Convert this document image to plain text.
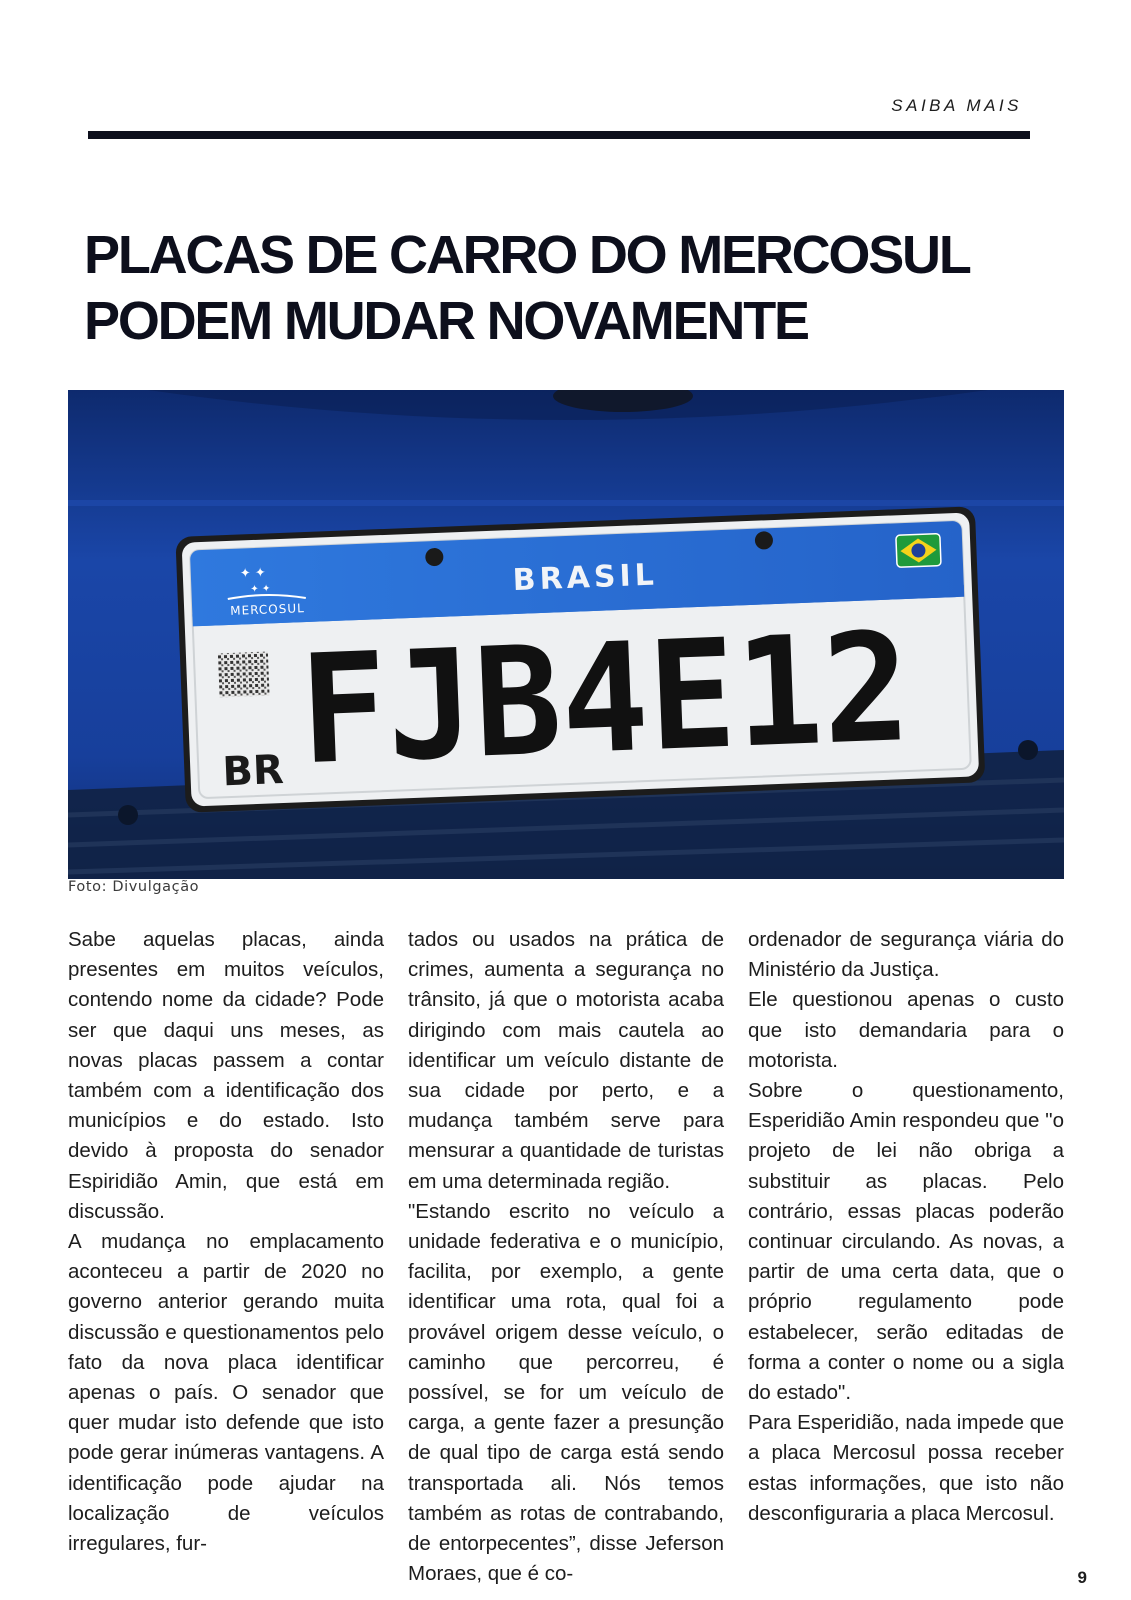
SAIBA MAIS
PLACAS DE CARRO DO MERCOSUL
PODEM MUDAR NOVAMENTE
✦ ✦
✦ ✦
MERCOSUL
BRASIL
FJB4E12
BR
Foto: Divulgação

Sabe aquelas placas, ainda presentes em muitos veículos, contendo nome da cidade? Pode ser que daqui uns meses, as novas placas passem a contar também com a identificação dos municípios e do estado. Isto devido à proposta do senador Espiridião Amin, que está em discussão.

A mudança no emplacamento aconteceu a partir de 2020 no governo anterior gerando muita discussão e questionamentos pelo fato da nova placa identificar apenas o país. O senador que quer mudar isto defende que isto pode gerar inúmeras vantagens. A identificação pode ajudar na localização de veículos irregulares, fur-

tados ou usados na prática de crimes, aumenta a segurança no trânsito, já que o motorista acaba dirigindo com mais cautela ao identificar um veículo distante de sua cidade por perto, e a mudança também serve para mensurar a quantidade de turistas em uma determinada região.

"Estando escrito no veículo a unidade federativa e o município, facilita, por exemplo, a gente identificar uma rota, qual foi a provável origem desse veículo, o caminho que percorreu, é possível, se for um veículo de carga, a gente fazer a presunção de qual tipo de carga está sendo transportada ali. Nós temos também as rotas de contrabando, de entorpecentes”, disse Jeferson Moraes, que é co-

ordenador de segurança viária do Ministério da Justiça.

Ele questionou apenas o custo que isto demandaria para o motorista.

Sobre o questionamento, Esperidião Amin respondeu que "o projeto de lei não obriga a substituir as placas. Pelo contrário, essas placas poderão continuar circulando. As novas, a partir de uma certa data, que o próprio regulamento pode estabelecer, serão editadas de forma a conter o nome ou a sigla do estado".

Para Esperidião, nada impede que a placa Mercosul possa receber estas informações, que isto não desconfiguraria a placa Mercosul.

9
